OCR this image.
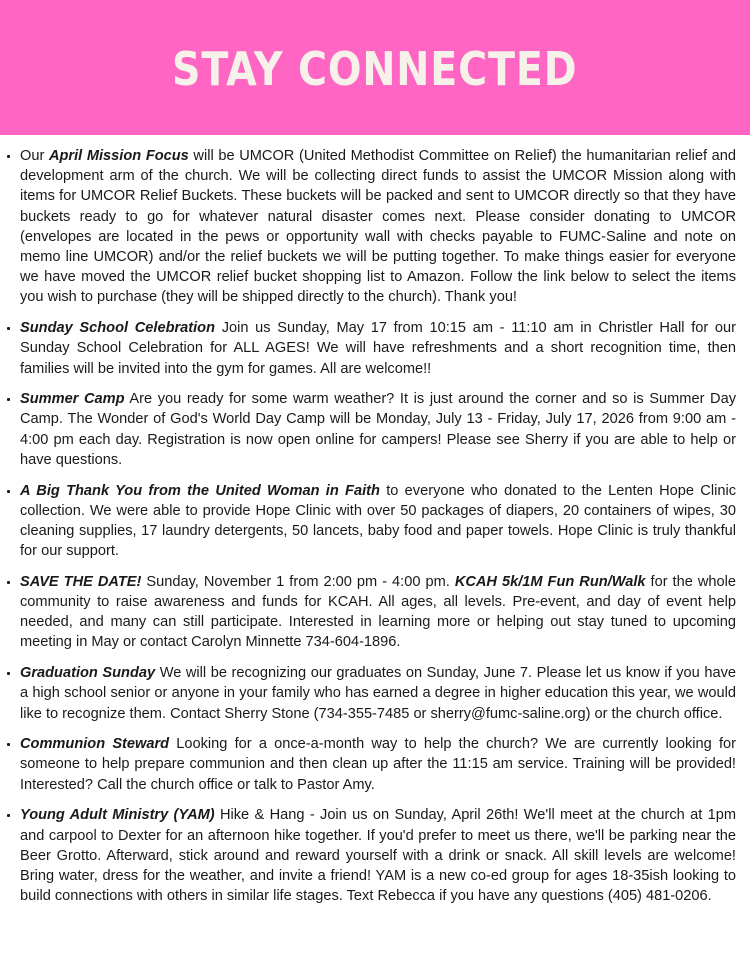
STAY CONNECTED
Our April Mission Focus will be UMCOR (United Methodist Committee on Relief) the humanitarian relief and development arm of the church. We will be collecting direct funds to assist the UMCOR Mission along with items for UMCOR Relief Buckets. These buckets will be packed and sent to UMCOR directly so that they have buckets ready to go for whatever natural disaster comes next. Please consider donating to UMCOR (envelopes are located in the pews or opportunity wall with checks payable to FUMC-Saline and note on memo line UMCOR) and/or the relief buckets we will be putting together. To make things easier for everyone we have moved the UMCOR relief bucket shopping list to Amazon. Follow the link below to select the items you wish to purchase (they will be shipped directly to the church). Thank you!
Sunday School Celebration Join us Sunday, May 17 from 10:15 am - 11:10 am in Christler Hall for our Sunday School Celebration for ALL AGES! We will have refreshments and a short recognition time, then families will be invited into the gym for games. All are welcome!!
Summer Camp Are you ready for some warm weather? It is just around the corner and so is Summer Day Camp. The Wonder of God's World Day Camp will be Monday, July 13 - Friday, July 17, 2026 from 9:00 am - 4:00 pm each day. Registration is now open online for campers! Please see Sherry if you are able to help or have questions.
A Big Thank You from the United Woman in Faith to everyone who donated to the Lenten Hope Clinic collection. We were able to provide Hope Clinic with over 50 packages of diapers, 20 containers of wipes, 30 cleaning supplies, 17 laundry detergents, 50 lancets, baby food and paper towels. Hope Clinic is truly thankful for our support.
SAVE THE DATE! Sunday, November 1 from 2:00 pm - 4:00 pm. KCAH 5k/1M Fun Run/Walk for the whole community to raise awareness and funds for KCAH. All ages, all levels. Pre-event, and day of event help needed, and many can still participate. Interested in learning more or helping out stay tuned to upcoming meeting in May or contact Carolyn Minnette 734-604-1896.
Graduation Sunday We will be recognizing our graduates on Sunday, June 7. Please let us know if you have a high school senior or anyone in your family who has earned a degree in higher education this year, we would like to recognize them. Contact Sherry Stone (734-355-7485 or sherry@fumc-saline.org) or the church office.
Communion Steward Looking for a once-a-month way to help the church? We are currently looking for someone to help prepare communion and then clean up after the 11:15 am service. Training will be provided! Interested? Call the church office or talk to Pastor Amy.
Young Adult Ministry (YAM) Hike & Hang - Join us on Sunday, April 26th! We'll meet at the church at 1pm and carpool to Dexter for an afternoon hike together. If you'd prefer to meet us there, we'll be parking near the Beer Grotto. Afterward, stick around and reward yourself with a drink or snack. All skill levels are welcome! Bring water, dress for the weather, and invite a friend! YAM is a new co-ed group for ages 18-35ish looking to build connections with others in similar life stages. Text Rebecca if you have any questions (405) 481-0206.
